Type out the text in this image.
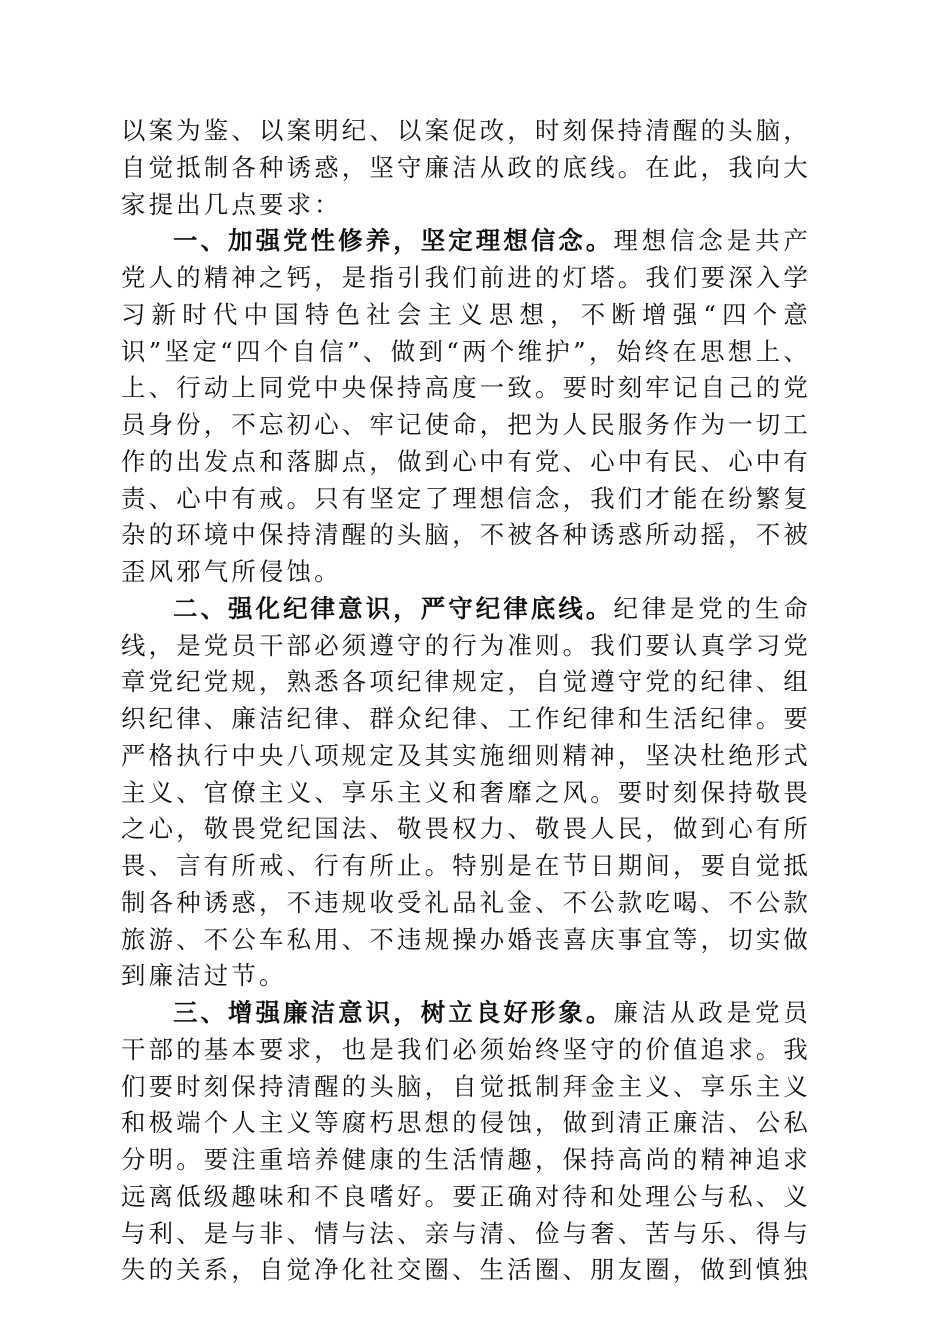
以案为鉴、以案明纪、以案促改，时刻保持清醒的头脑，自觉抵制各种诱惑，坚守廉洁从政的底线。在此，我向大家提出几点要求：

一、加强党性修养，坚定理想信念。理想信念是共产党人的精神之钙，是指引我们前进的灯塔。我们要深入学习新时代中国特色社会主义思想，不断增强“四个意识”坚定“四个自信”、做到“两个维护”，始终在思想上、上、行动上同党中央保持高度一致。要时刻牢记自己的党员身份，不忘初心、牢记使命，把为人民服务作为一切工作的出发点和落脚点，做到心中有党、心中有民、心中有责、心中有戒。只有坚定了理想信念，我们才能在纷繁复杂的环境中保持清醒的头脑，不被各种诱惑所动摇，不被歪风邪气所侵蚀。

二、强化纪律意识，严守纪律底线。纪律是党的生命线，是党员干部必须遵守的行为准则。我们要认真学习党章党纪党规，熟悉各项纪律规定，自觉遵守党的纪律、组织纪律、廉洁纪律、群众纪律、工作纪律和生活纪律。要严格执行中央八项规定及其实施细则精神，坚决杜绝形式主义、官僚主义、享乐主义和奢靡之风。要时刻保持敬畏之心，敬畏党纪国法、敬畏权力、敬畏人民，做到心有所畏、言有所戒、行有所止。特别是在节日期间，要自觉抵制各种诱惑，不违规收受礼品礼金、不公款吃喝、不公款旅游、不公车私用、不违规操办婚丧喜庆事宜等，切实做到廉洁过节。

三、增强廉洁意识，树立良好形象。廉洁从政是党员干部的基本要求，也是我们必须始终坚守的价值追求。我们要时刻保持清醒的头脑，自觉抵制拜金主义、享乐主义和极端个人主义等腐朽思想的侵蚀，做到清正廉洁、公私分明。要注重培养健康的生活情趣，保持高尚的精神追求远离低级趣味和不良嗜好。要正确对待和处理公与私、义与利、是与非、情与法、亲与清、俭与奢、苦与乐、得与失的关系，自觉净化社交圈、生活圈、朋友圈，做到慎独
